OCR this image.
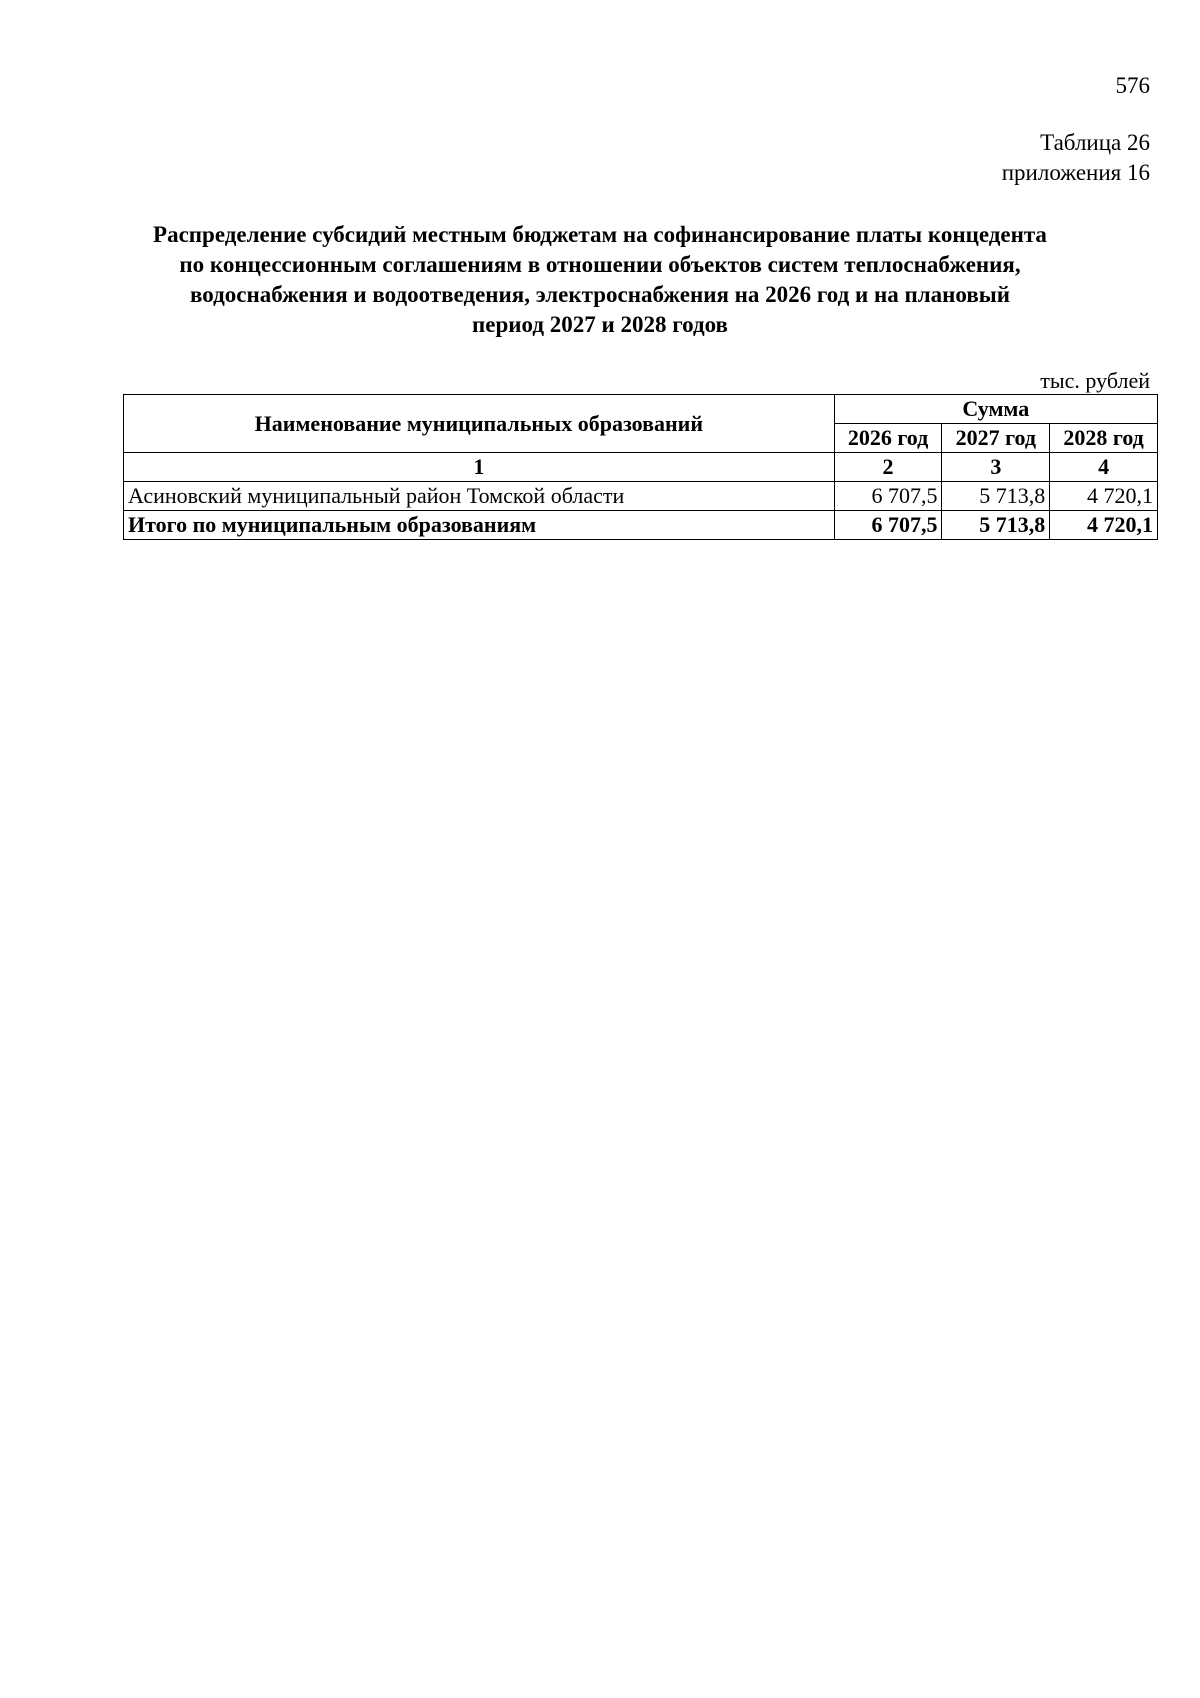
576
Таблица 26
приложения 16
Распределение субсидий местным бюджетам на софинансирование платы концедента
по концессионным соглашениям в отношении объектов систем теплоснабжения,
водоснабжения и водоотведения, электроснабжения на 2026 год и на плановый
период 2027 и 2028 годов
тыс. рублей
Наименование муниципальных образований	Сумма		
	2026 год	2027 год	2028 год
1	2	3	4
Асиновский муниципальный район Томской области	6 707,5	5 713,8	4 720,1
Итого по муниципальным образованиям	6 707,5	5 713,8	4 720,1
